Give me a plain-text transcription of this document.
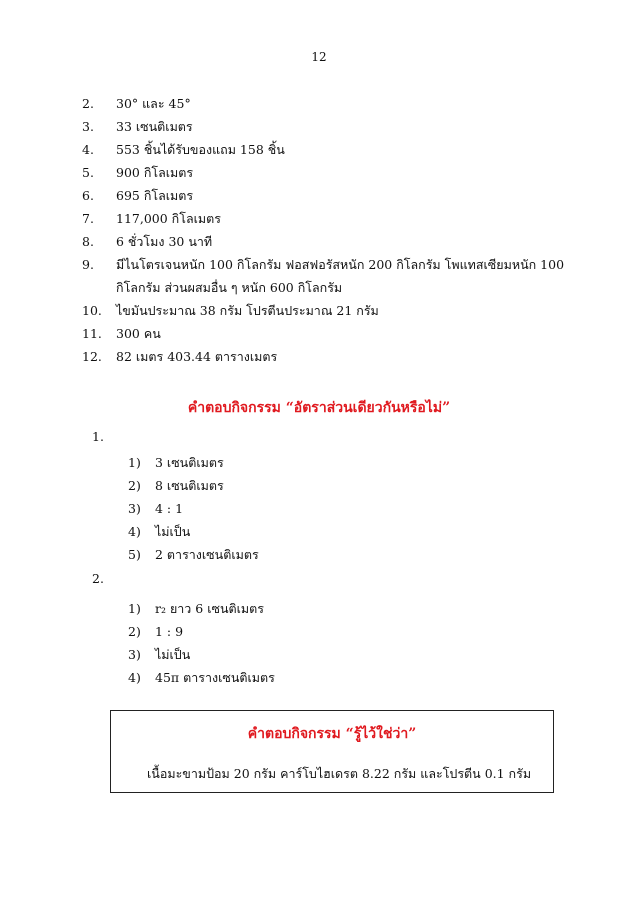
12
2.	30° และ 45°
3.	33 เซนติเมตร
4.	553 ชิ้นได้รับของแถม 158 ชิ้น
5.	900 กิโลเมตร
6.	695 กิโลเมตร
7.	117,000 กิโลเมตร
8.	6 ชั่วโมง 30 นาที
9.	มีไนโตรเจนหนัก 100 กิโลกรัม ฟอสฟอรัสหนัก 200 กิโลกรัม โพแทสเซียมหนัก 100 กิโลกรัม ส่วนผสมอื่น ๆ หนัก 600 กิโลกรัม
10.	ไขมันประมาณ 38 กรัม โปรตีนประมาณ 21 กรัม
11.	300 คน
12.	82 เมตร 403.44 ตารางเมตร
คำตอบกิจกรรม “อัตราส่วนเดียวกันหรือไม่”
1.
1)	3 เซนติเมตร
2)	8 เซนติเมตร
3)	4 : 1
4)	ไม่เป็น
5)	2 ตารางเซนติเมตร
2.
1)	r₂ ยาว 6 เซนติเมตร
2)	1 : 9
3)	ไม่เป็น
4)	45π ตารางเซนติเมตร
คำตอบกิจกรรม “รู้ไว้ใช่ว่า”
เนื้อมะขามป้อม 20 กรัม คาร์โบไฮเดรต 8.22 กรัม และโปรตีน 0.1 กรัม
